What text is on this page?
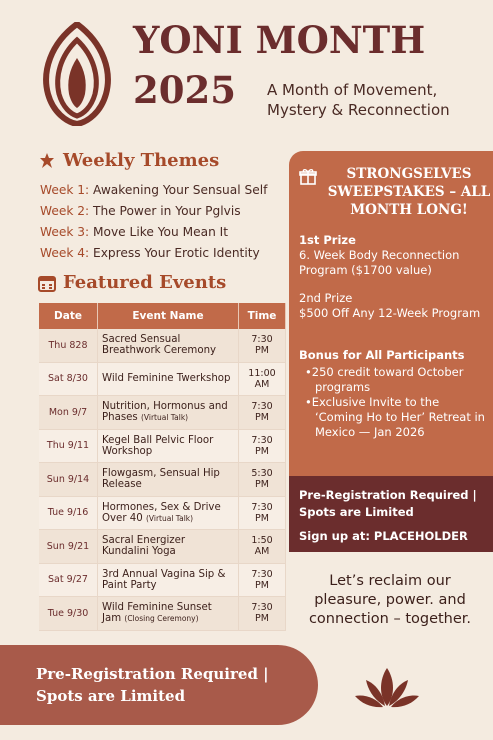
YONI MONTH
2025 A Month of Movement, Mystery & Reconnection
Weekly Themes
Week 1: Awakening Your Sensual Self
Week 2: The Power in Your Pglvis
Week 3: Move Like You Mean It
Week 4: Express Your Erotic Identity
Featured Events
Date	Event Name	Time
Thu 828	Sacred Sensual Breathwork Ceremony	7:30 PM
Sat 8/30	Wild Feminine Twerkshop	11:00 AM
Mon 9/7	Nutrition, Hormonus and Phases (Virtual Talk)	7:30 PM
Thu 9/11	Kegel Ball Pelvic Floor Workshop	7:30 PM
Sun 9/14	Flowgasm, Sensual Hip Release	5:30 PM
Tue 9/16	Hormones, Sex & Drive Over 40 (Virtual Talk)	7:30 PM
Sun 9/21	Sacral Energizer Kundalini Yoga	1:50 AM
Sat 9/27	3rd Annual Vagina Sip & Paint Party	7:30 PM
Tue 9/30	Wild Feminine Sunset Jam (Closing Ceremony)	7:30 PM
STRONGSELVES SWEEPSTAKES – ALL MONTH LONG!
1st Prize
6. Week Body Reconnection Program ($1700 value)
2nd Prize
$500 Off Any 12-Week Program
Bonus for All Participants
•250 credit toward October programs
•Exclusive Invite to the ‘Coming Ho to Her’ Retreat in Mexico — Jan 2026
Pre-Registration Required | Spots are Limited
Sign up at: PLACEHOLDER
Let’s reclaim our pleasure, power. and connection – together.
Pre-Registration Required | Spots are Limited
